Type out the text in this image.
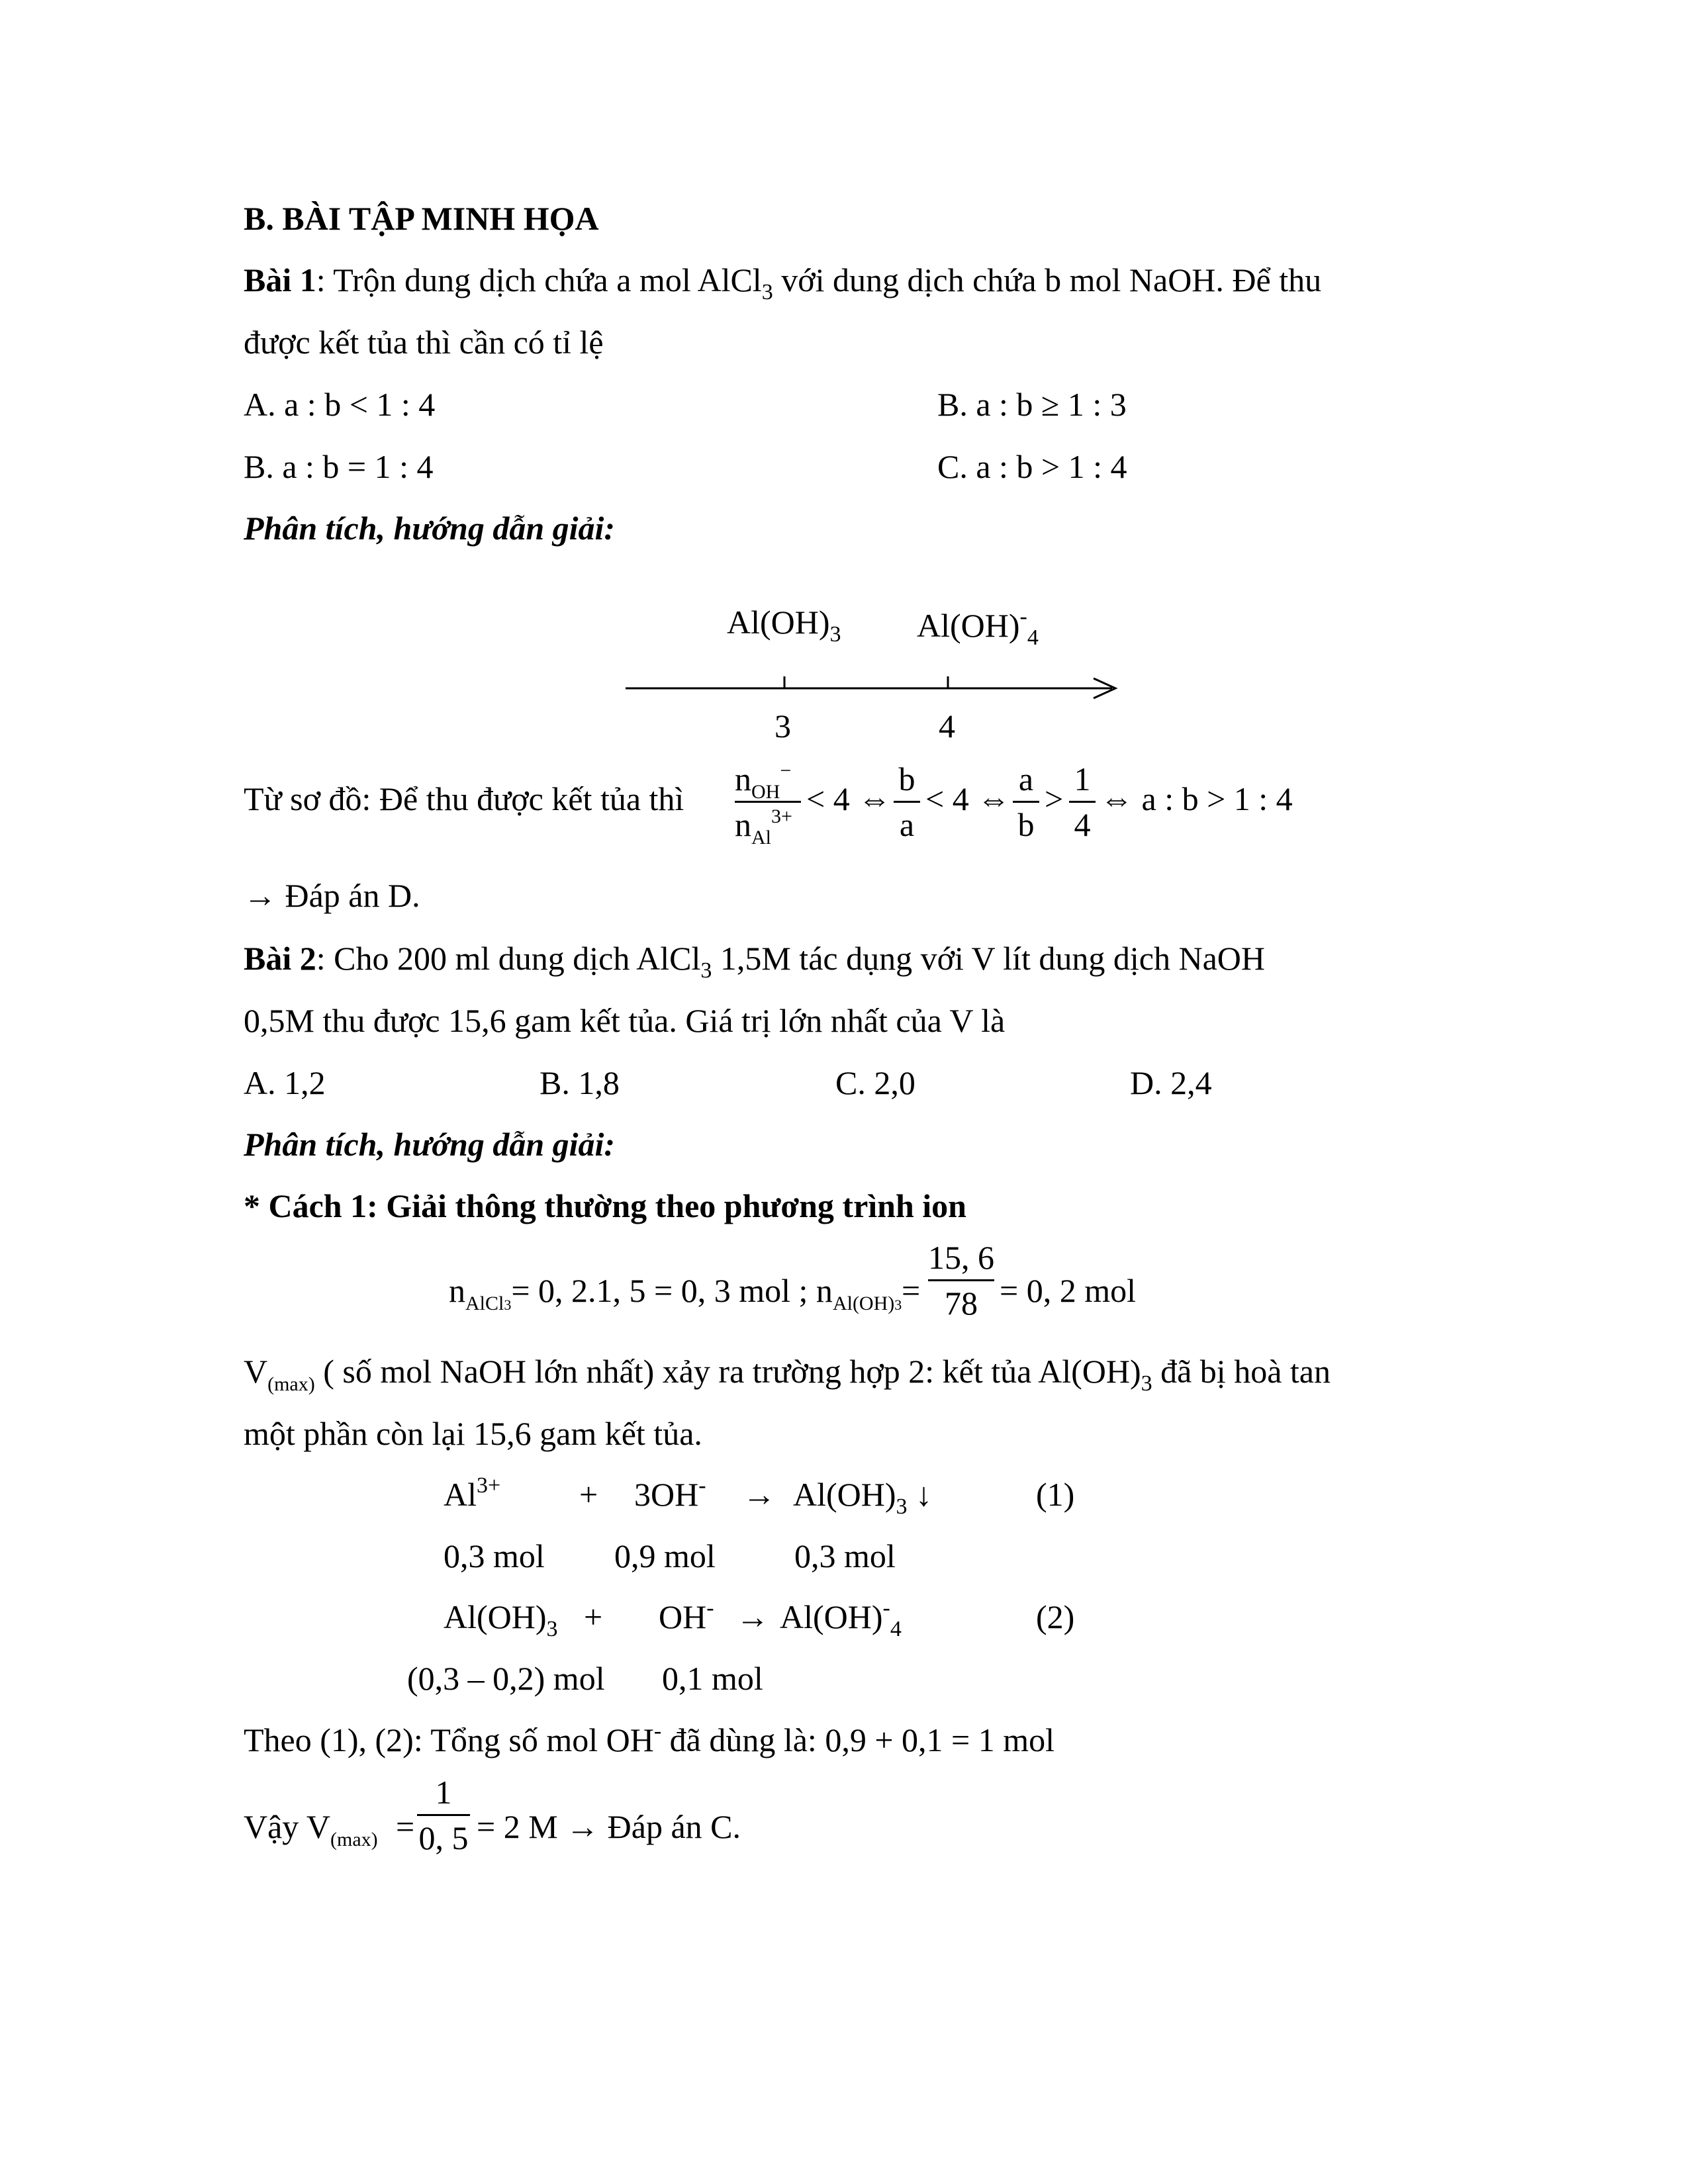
B. BÀI TẬP MINH HỌA
Bài 1: Trộn dung dịch chứa a mol AlCl$_3$ với dung dịch chứa b mol NaOH. Để thu
được kết tủa thì cần có tỉ lệ
A. a : b < 1 : 4	B. a : b ≥ 1 : 3
B. a : b = 1 : 4	C. a : b > 1 : 4
Phân tích, hướng dẫn giải:
$Al(OH)_3$ $Al(OH)^-_4$
3	4
Từ sơ đồ: Để thu được kết tủa thì
$n_{OH}^-$
$n_{Al}^{3+} < 4$ ⇔
b
a
< 4 ⇔
a
b
>
1
4
⇔ a : b > 1 : 4
→ Đáp án D.
Bài 2: Cho 200 ml dung dịch AlCl$_3$ 1,5M tác dụng với V lít dung dịch NaOH
0,5M thu được 15,6 gam kết tủa. Giá trị lớn nhất của V là
A. 1,2	B. 1,8	C. 2,0	D. 2,4
Phân tích, hướng dẫn giải:
* Cách 1: Giải thông thường theo phương trình ion
$n_{AlCl3}= 0$, 2.1, 5 = 0, 3 mol ; $n_{Al(OH)3}$ =
15, 6
78 = 0, 2 mol
$V_{(max)}$ ( số mol NaOH lớn nhất) xảy ra trường hợp 2: kết tủa $Al(OH)_3$ đã bị hoà tan
một phần còn lại 15,6 gam kết tủa.
$Al^{3+} + 3OH^- \to Al(OH)_3$ ↓	(1)
0,3 mol 0,9 mol 0,3 mol
$Al(OH)_3 + OH^- \to Al(OH)^-_4$	(2)
(0,3 – 0,2) mol 0,1 mol
Theo (1), (2): Tổng số mol OH- đã dùng là: 0,9 + 0,1 = 1 mol
Vậy $V_{(max)}$ =
1
0, 5 = 2 M → Đáp án C.
